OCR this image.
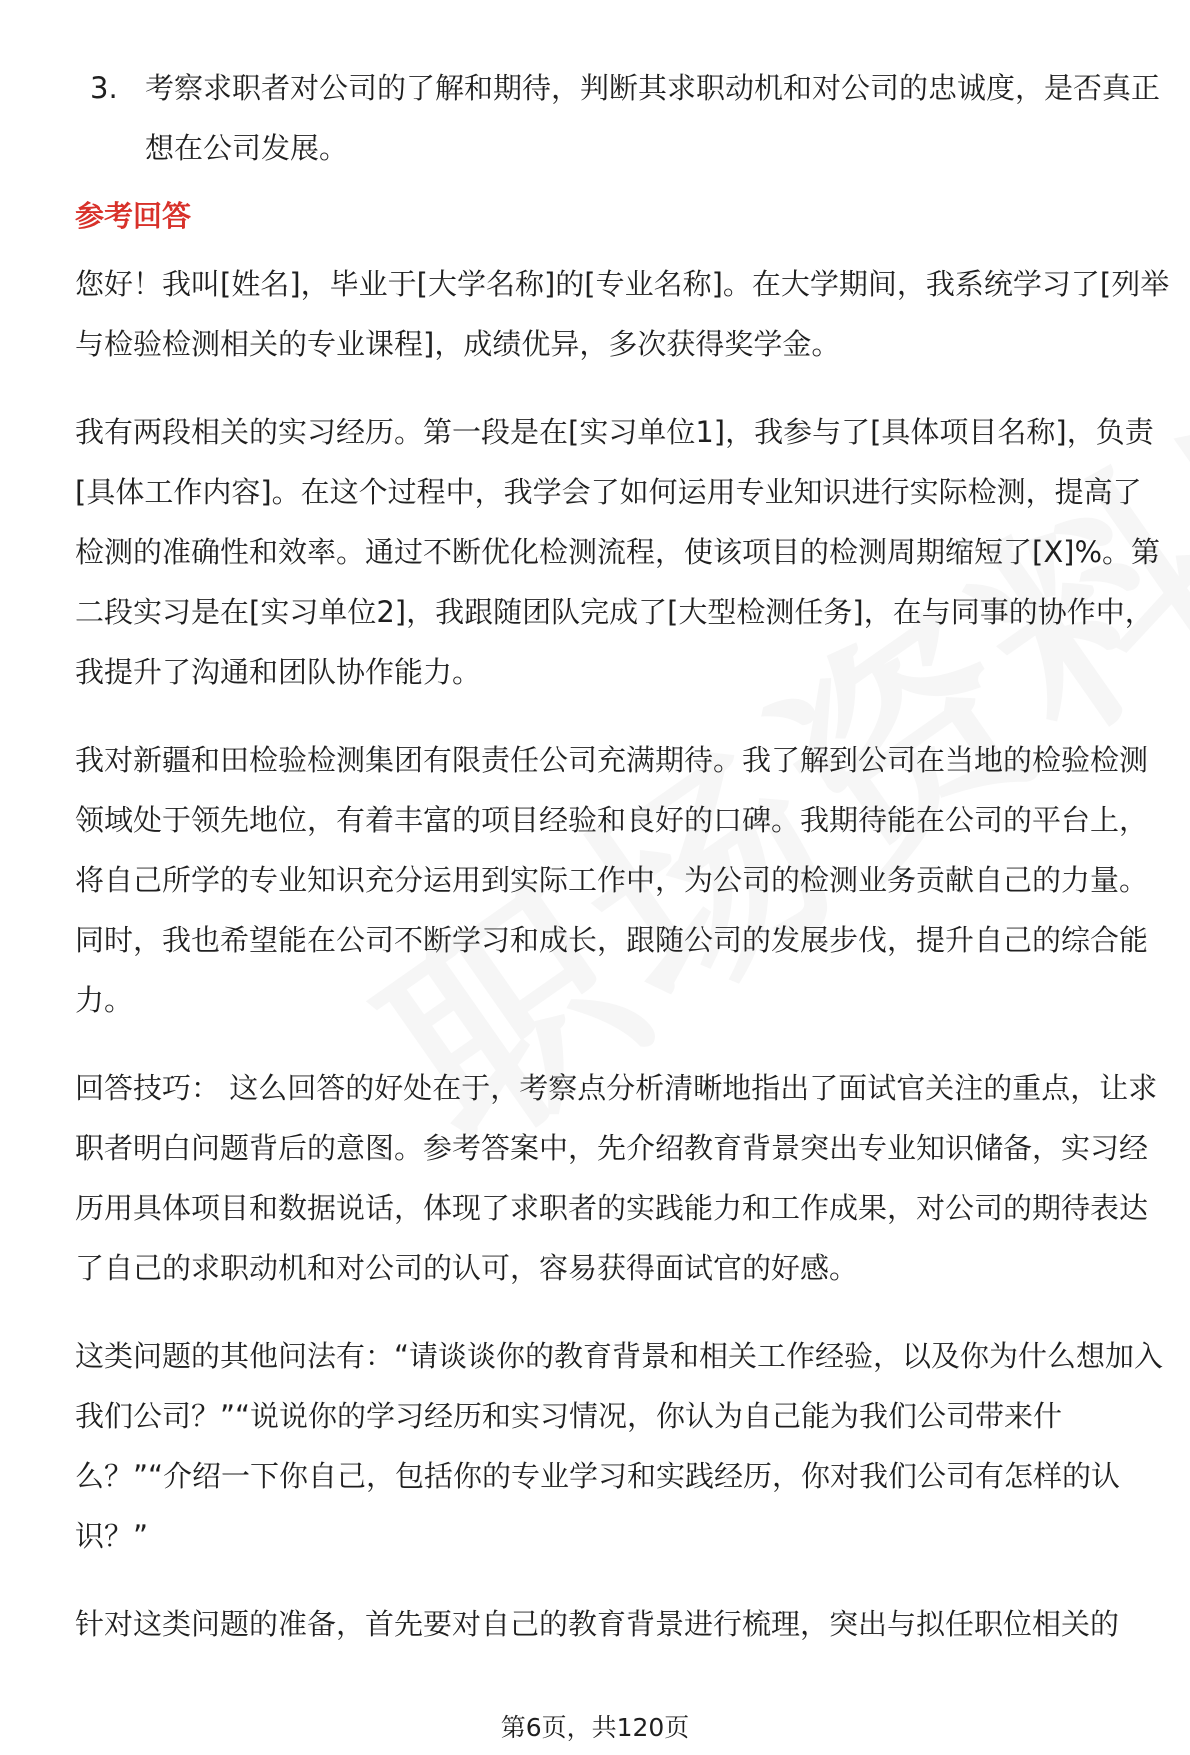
3. 考察求职者对公司的了解和期待，判断其求职动机和对公司的忠诚度，是否真正想在公司发展。

参考回答

您好！我叫[姓名]，毕业于[大学名称]的[专业名称]。在大学期间，我系统学习了[列举与检验检测相关的专业课程]，成绩优异，多次获得奖学金。

我有两段相关的实习经历。第一段是在[实习单位1]，我参与了[具体项目名称]，负责[具体工作内容]。在这个过程中，我学会了如何运用专业知识进行实际检测，提高了检测的准确性和效率。通过不断优化检测流程，使该项目的检测周期缩短了[X]%。第二段实习是在[实习单位2]，我跟随团队完成了[大型检测任务]，在与同事的协作中，我提升了沟通和团队协作能力。

我对新疆和田检验检测集团有限责任公司充满期待。我了解到公司在当地的检验检测领域处于领先地位，有着丰富的项目经验和良好的口碑。我期待能在公司的平台上，将自己所学的专业知识充分运用到实际工作中，为公司的检测业务贡献自己的力量。同时，我也希望能在公司不断学习和成长，跟随公司的发展步伐，提升自己的综合能力。

回答技巧： 这么回答的好处在于，考察点分析清晰地指出了面试官关注的重点，让求职者明白问题背后的意图。参考答案中，先介绍教育背景突出专业知识储备，实习经历用具体项目和数据说话，体现了求职者的实践能力和工作成果，对公司的期待表达了自己的求职动机和对公司的认可，容易获得面试官的好感。

这类问题的其他问法有：“请谈谈你的教育背景和相关工作经验，以及你为什么想加入我们公司？”“说说你的学习经历和实习情况，你认为自己能为我们公司带来什么？”“介绍一下你自己，包括你的专业学习和实践经历，你对我们公司有怎样的认识？”

针对这类问题的准备，首先要对自己的教育背景进行梳理，突出与拟任职位相关的

第6页，共120页
